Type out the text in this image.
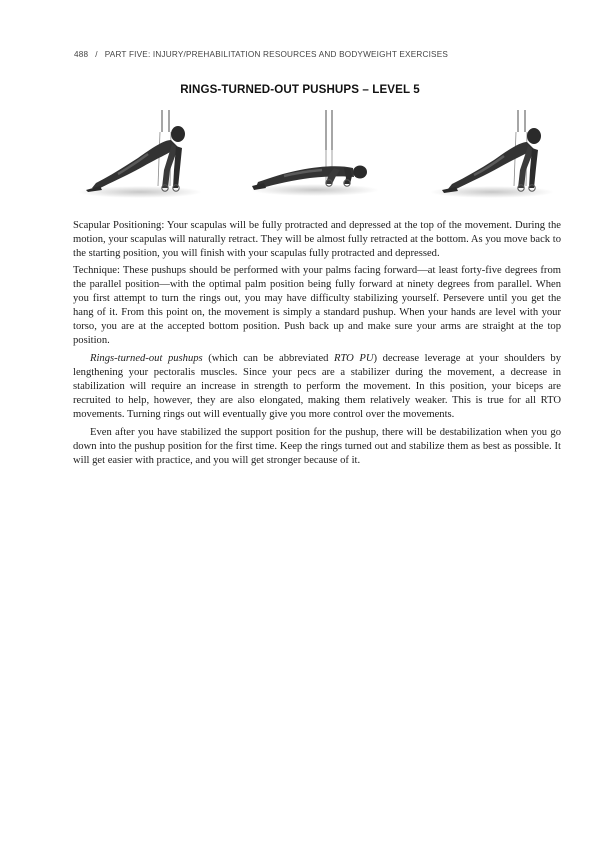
488 / PART FIVE: INJURY/PREHABILITATION RESOURCES AND BODYWEIGHT EXERCISES
RINGS-TURNED-OUT PUSHUPS – LEVEL 5

Scapular Positioning: Your scapulas will be fully protracted and depressed at the top of the movement. During the motion, your scapulas will naturally retract. They will be almost fully retracted at the bottom. As you move back to the starting position, you will finish with your scapulas fully protracted and depressed.

Technique: These pushups should be performed with your palms facing forward—at least forty-five degrees from the parallel position—with the optimal palm position being fully forward at ninety degrees from parallel. When you first attempt to turn the rings out, you may have difficulty stabilizing yourself. Persevere until you get the hang of it. From this point on, the movement is simply a standard pushup. When your hands are level with your torso, you are at the accepted bottom position. Push back up and make sure your arms are straight at the top position.

Rings-turned-out pushups (which can be abbreviated RTO PU) decrease leverage at your shoulders by lengthening your pectoralis muscles. Since your pecs are a stabilizer during the movement, a decrease in stabilization will require an increase in strength to perform the movement. In this position, your biceps are recruited to help, however, they are also elongated, making them relatively weaker. This is true for all RTO movements. Turning rings out will eventually give you more control over the movements.

Even after you have stabilized the support position for the pushup, there will be destabilization when you go down into the pushup position for the first time. Keep the rings turned out and stabilize them as best as possible. It will get easier with practice, and you will get stronger because of it.
